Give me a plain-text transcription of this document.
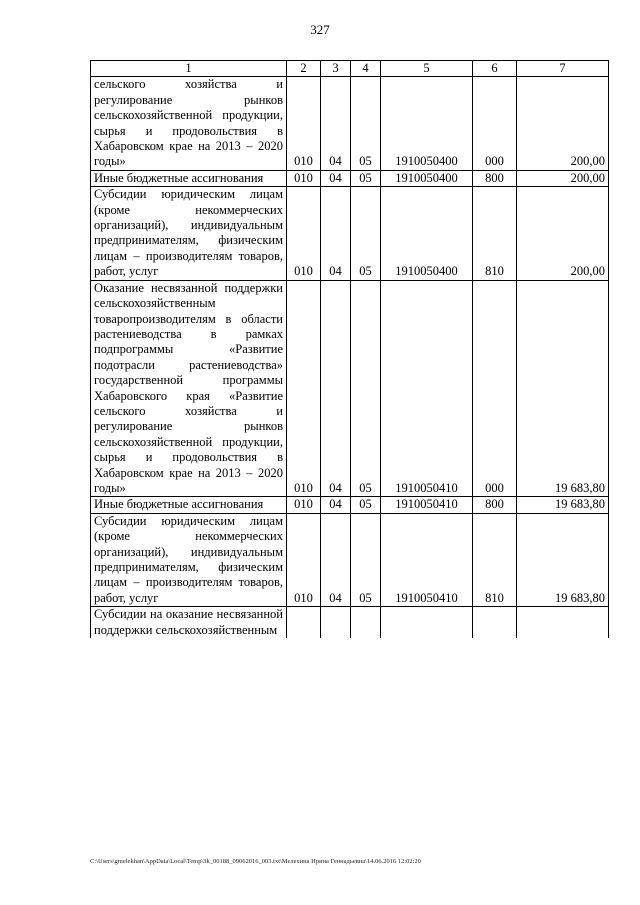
327
1	2	3	4	5	6	7
сельского хозяйства и регулирование рынков сельскохозяйственной продукции, сырья и продовольствия в Хабаровском крае на 2013 – 2020 годы»	010	04	05	1910050400	000	200,00
Иные бюджетные ассигнования	010	04	05	1910050400	800	200,00
Субсидии юридическим лицам (кроме некоммерческих организаций), индивидуальным предпринимателям, физическим лицам – производителям товаров, работ, услуг	010	04	05	1910050400	810	200,00
Оказание несвязанной поддержки сельскохозяйственным товаропроизводителям в области растениеводства в рамках подпрограммы «Развитие подотрасли растениеводства» государственной программы Хабаровского края «Развитие сельского хозяйства и регулирование рынков сельскохозяйственной продукции, сырья и продовольствия в Хабаровском крае на 2013 – 2020 годы»	010	04	05	1910050410	000	19 683,80
Иные бюджетные ассигнования	010	04	05	1910050410	800	19 683,80
Субсидии юридическим лицам (кроме некоммерческих организаций), индивидуальным предпринимателям, физическим лицам – производителям товаров, работ, услуг	010	04	05	1910050410	810	19 683,80
Субсидии на оказание несвязанной поддержки сельскохозяйственным						
C:\Users\gmelekhan\AppData\Local\Temp\3k_00188_09062016_003.txt\Мелехина Ирина Геннадьевна\14.06.2016 12:02:20
